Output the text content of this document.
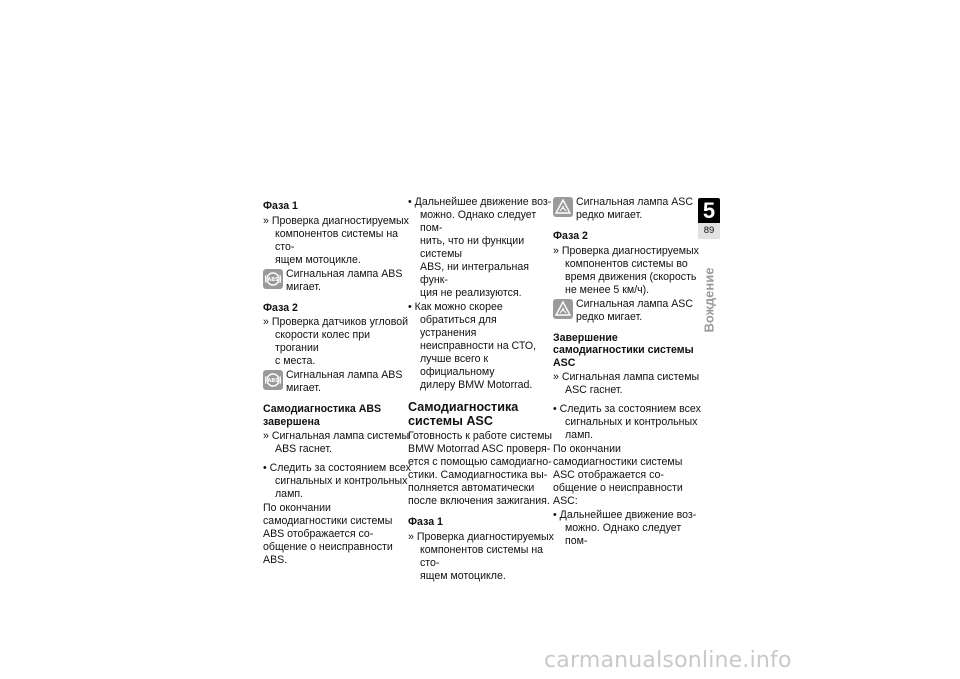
Фаза 1
» Проверка диагностируемых
компонентов системы на сто-
ящем мотоцикле.
ABS
Сигнальная лампа ABS мигает.
Фаза 2
» Проверка датчиков угловой
скорости колес при трогании
с места.
ABS
Сигнальная лампа ABS мигает.
Самодиагностика ABS завершена
» Сигнальная лампа системы
ABS гаснет.
• Следить за состоянием всех
сигнальных и контрольных
ламп.
По окончании самодиагностики системы ABS отображается со-общение о неисправности ABS.
• Дальнейшее движение воз-
можно. Однако следует пом-
нить, что ни функции системы
ABS, ни интегральная функ-
ция не реализуются.
• Как можно скорее
обратиться для устранения
неисправности на СТО,
лучше всего к официальному
дилеру BMW Motorrad.
Самодиагностика системы ASC
Готовность к работе системы BMW Motorrad ASC проверя-ется с помощью самодиагно-стики. Самодиагностика вы-полняется автоматически после включения зажигания.
Фаза 1
» Проверка диагностируемых
компонентов системы на сто-
ящем мотоцикле.
Сигнальная лампа ASC редко мигает.
Фаза 2
» Проверка диагностируемых
компонентов системы во
время движения (скорость
не менее 5 км/ч).
Сигнальная лампа ASC редко мигает.
Завершение самодиагностики системы ASC
» Сигнальная лампа системы
ASC гаснет.
• Следить за состоянием всех
сигнальных и контрольных
ламп.
По окончании самодиагностики системы ASC отображается со-общение о неисправности ASC:
• Дальнейшее движение воз-
можно. Однако следует пом-
5
89
Вождение
carmanualsonline.info
